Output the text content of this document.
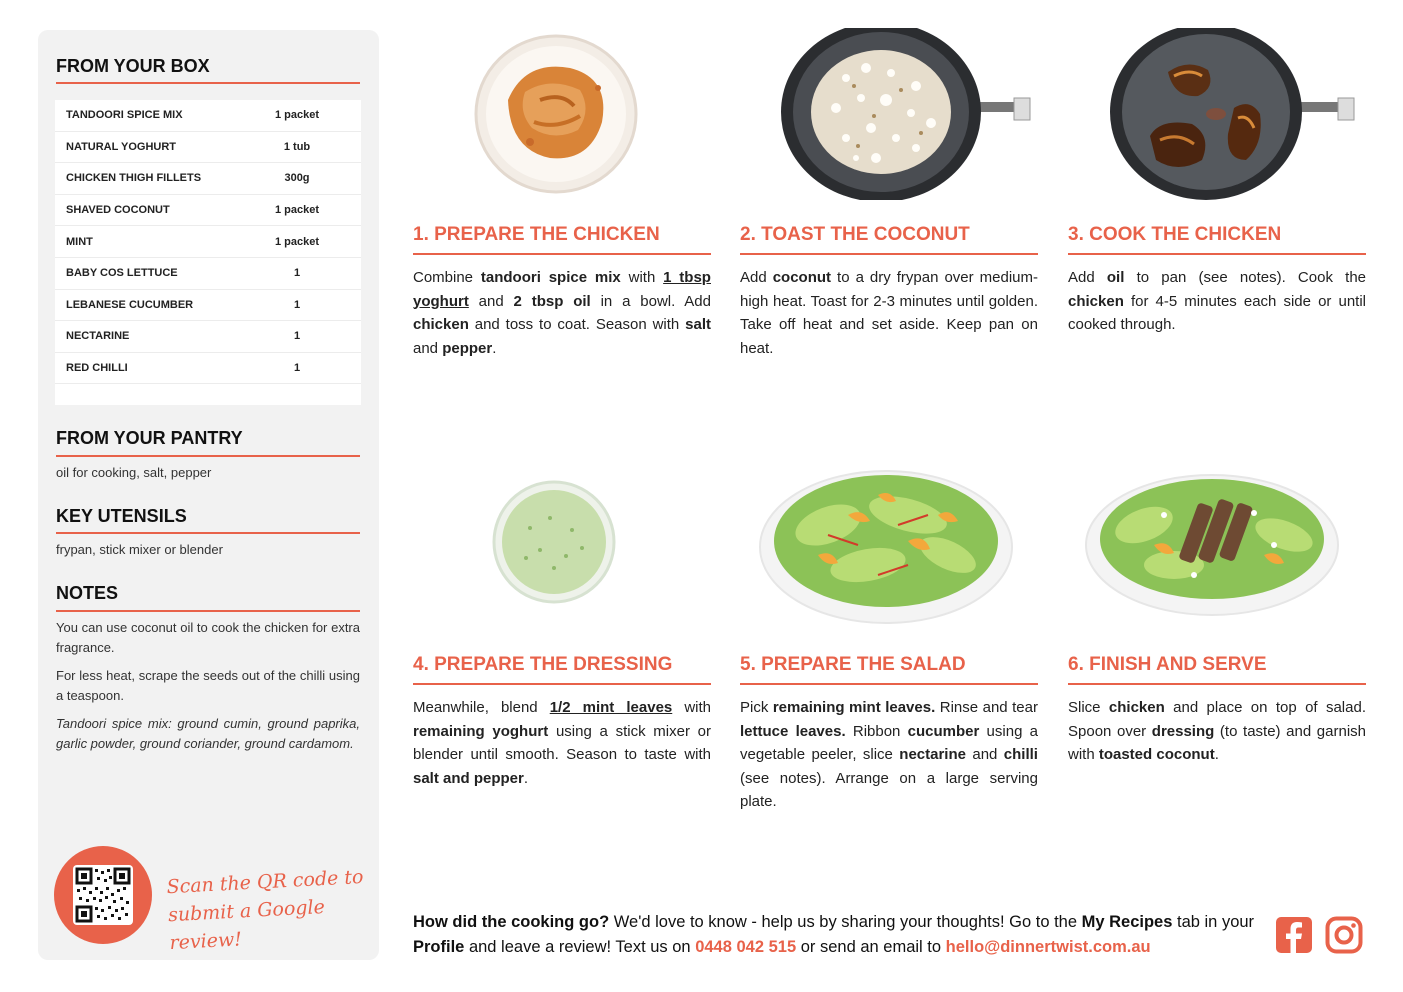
FROM YOUR BOX
TANDOORI SPICE MIX	1 packet
NATURAL YOGHURT	1 tub
CHICKEN THIGH FILLETS	300g
SHAVED COCONUT	1 packet
MINT	1 packet
BABY COS LETTUCE	1
LEBANESE CUCUMBER	1
NECTARINE	1
RED CHILLI	1
FROM YOUR PANTRY

oil for cooking, salt, pepper

KEY UTENSILS

frypan, stick mixer or blender

NOTES

You can use coconut oil to cook the chicken for extra fragrance.

For less heat, scrape the seeds out of the chilli using a teaspoon.

Tandoori spice mix: ground cumin, ground paprika, garlic powder, ground coriander, ground cardamom.

Scan the QR code to
submit a Google review!
1. PREPARE THE CHICKEN

Combine tandoori spice mix with 1 tbsp yoghurt and 2 tbsp oil in a bowl. Add chicken and toss to coat. Season with salt and pepper.

2. TOAST THE COCONUT

Add coconut to a dry frypan over medium-high heat. Toast for 2-3 minutes until golden. Take off heat and set aside. Keep pan on heat.

3. COOK THE CHICKEN

Add oil to pan (see notes). Cook the chicken for 4-5 minutes each side or until cooked through.

4. PREPARE THE DRESSING

Meanwhile, blend 1/2 mint leaves with remaining yoghurt using a stick mixer or blender until smooth. Season to taste with salt and pepper.

5. PREPARE THE SALAD

Pick remaining mint leaves. Rinse and tear lettuce leaves. Ribbon cucumber using a vegetable peeler, slice nectarine and chilli (see notes). Arrange on a large serving plate.

6. FINISH AND SERVE

Slice chicken and place on top of salad. Spoon over dressing (to taste) and garnish with toasted coconut.

How did the cooking go? We'd love to know - help us by sharing your thoughts! Go to the My Recipes tab in your Profile and leave a review! Text us on 0448 042 515 or send an email to hello@dinnertwist.com.au
